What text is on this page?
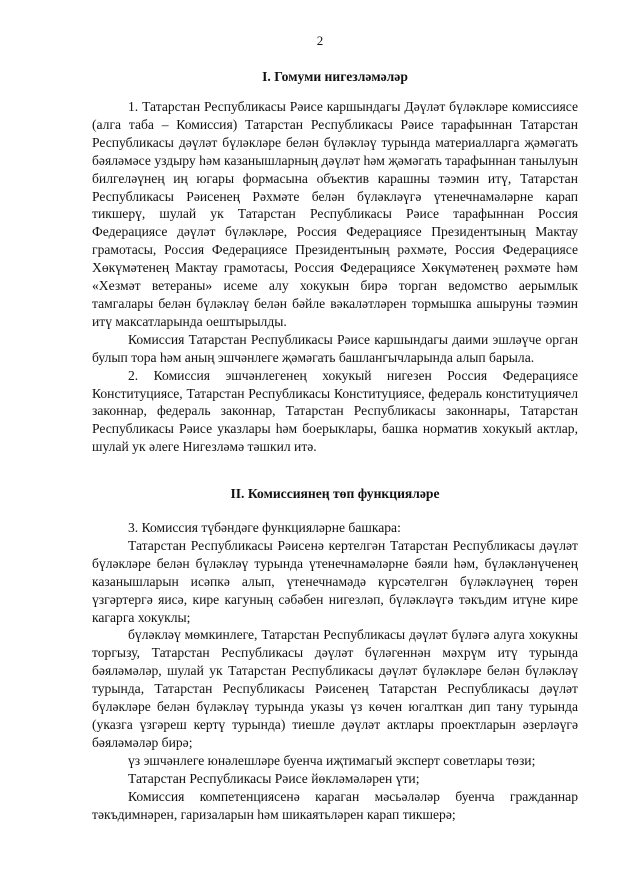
2
I. Гомуми нигезләмәләр

1. Татарстан Республикасы Рәисе каршындагы Дәүләт бүләкләре комиссиясе (алга таба – Комиссия) Татарстан Республикасы Рәисе тарафыннан Татарстан Республикасы дәүләт бүләкләре белән бүләкләү турында материалларга җәмәгать бәяләмәсе уздыру һәм казанышларның дәүләт һәм җәмәгать тарафыннан танылуын билгеләүнең иң югары формасына объектив карашны тәэмин итү, Татарстан Республикасы Рәисенең Рәхмәте белән бүләкләүгә үтенечнамәләрне карап тикшерү, шулай ук Татарстан Республикасы Рәисе тарафыннан Россия Федерациясе дәүләт бүләкләре, Россия Федерациясе Президентының Мактау грамотасы, Россия Федерациясе Президентының рәхмәте, Россия Федерациясе Хөкүмәтенең Мактау грамотасы, Россия Федерациясе Хөкүмәтенең рәхмәте һәм «Хезмәт ветераны» исеме алу хокукын бирә торган ведомство аерымлык тамгалары белән бүләкләү белән бәйле вәкаләтләрен тормышка ашыруны тәэмин итү максатларында оештырылды.

Комиссия Татарстан Республикасы Рәисе каршындагы даими эшләүче орган булып тора һәм аның эшчәнлеге җәмәгать башлангычларында алып барыла.

2. Комиссия эшчәнлегенең хокукый нигезен Россия Федерациясе Конституциясе, Татарстан Республикасы Конституциясе, федераль конституциячел законнар, федераль законнар, Татарстан Республикасы законнары, Татарстан Республикасы Рәисе указлары һәм боерыклары, башка норматив хокукый актлар, шулай ук әлеге Нигезләмә тәшкил итә.

II. Комиссиянең төп функцияләре

3. Комиссия түбәндәге функцияләрне башкара:

Татарстан Республикасы Рәисенә кертелгән Татарстан Республикасы дәүләт бүләкләре белән бүләкләү турында үтенечнамәләрне бәяли һәм, бүләкләнүченең казанышларын исәпкә алып, үтенечнамәдә күрсәтелгән бүләкләүнең төрен үзгәртергә яисә, кире кагуның сәбәбен нигезләп, бүләкләүгә тәкъдим итүне кире кагарга хокуклы;

бүләкләү мөмкинлеге, Татарстан Республикасы дәүләт бүләгә алуга хокукны торгызу, Татарстан Республикасы дәүләт бүләгеннән мәхрүм итү турында бәяләмәләр, шулай ук Татарстан Республикасы дәүләт бүләкләре белән бүләкләү турында, Татарстан Республикасы Рәисенең Татарстан Республикасы дәүләт бүләкләре белән бүләкләү турында указы үз көчен югалткан дип тану турында (указга үзгәреш кертү турында) тиешле дәүләт актлары проектларын әзерләүгә бәяләмәләр бирә;

үз эшчәнлеге юнәлешләре буенча иҗтимагый эксперт советлары төзи;

Татарстан Республикасы Рәисе йөкләмәләрен үти;

Комиссия компетенциясенә караган мәсьәләләр буенча гражданнар тәкъдимнәрен, гаризаларын һәм шикаятьләрен карап тикшерә;
